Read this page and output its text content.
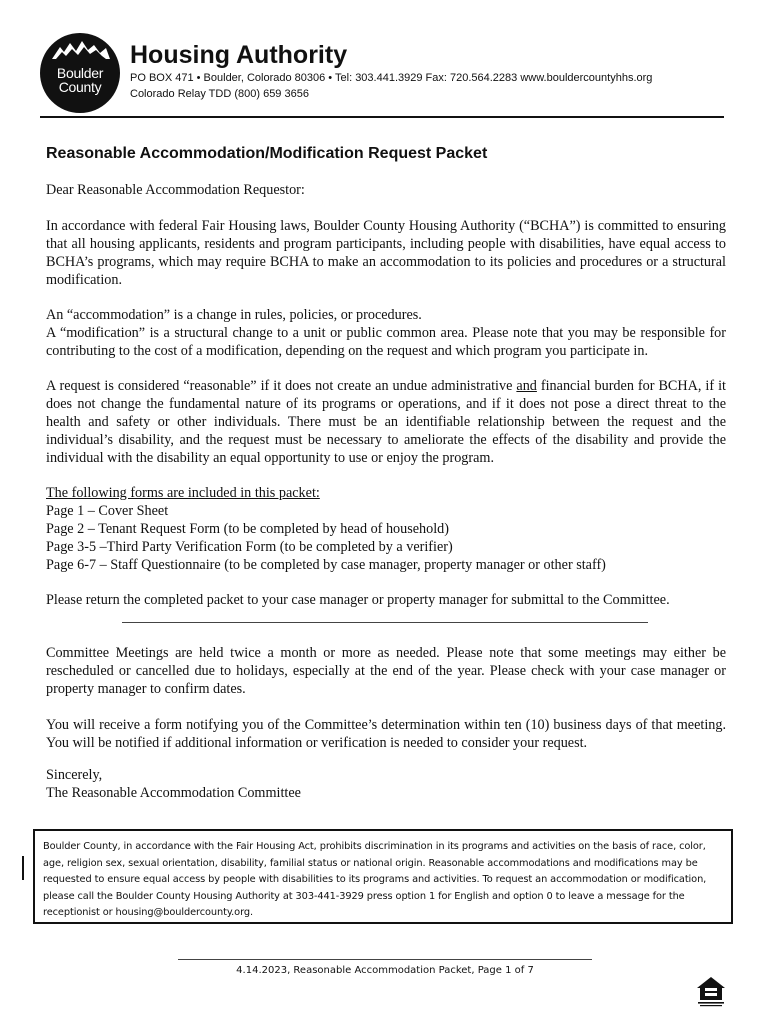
Boulder
County
Housing Authority
PO BOX 471 • Boulder, Colorado 80306 • Tel: 303.441.3929 Fax: 720.564.2283 www.bouldercountyhhs.org
Colorado Relay TDD (800) 659 3656
Reasonable Accommodation/Modification Request Packet

Dear Reasonable Accommodation Requestor:

In accordance with federal Fair Housing laws, Boulder County Housing Authority (“BCHA”) is committed to ensuring that all housing applicants, residents and program participants, including people with disabilities, have equal access to BCHA’s programs, which may require BCHA to make an accommodation to its policies and procedures or a structural modification.

An “accommodation” is a change in rules, policies, or procedures.

A “modification” is a structural change to a unit or public common area. Please note that you may be responsible for contributing to the cost of a modification, depending on the request and which program you participate in.

A request is considered “reasonable” if it does not create an undue administrative and financial burden for BCHA, if it does not change the fundamental nature of its programs or operations, and if it does not pose a direct threat to the health and safety or other individuals. There must be an identifiable relationship between the request and the individual’s disability, and the request must be necessary to ameliorate the effects of the disability and provide the individual with the disability an equal opportunity to use or enjoy the program.

The following forms are included in this packet:

Page 1 – Cover Sheet

Page 2 – Tenant Request Form (to be completed by head of household)

Page 3-5 –Third Party Verification Form (to be completed by a verifier)

Page 6-7 – Staff Questionnaire (to be completed by case manager, property manager or other staff)

Please return the completed packet to your case manager or property manager for submittal to the Committee.

Committee Meetings are held twice a month or more as needed. Please note that some meetings may either be rescheduled or cancelled due to holidays, especially at the end of the year. Please check with your case manager or property manager to confirm dates.

You will receive a form notifying you of the Committee’s determination within ten (10) business days of that meeting. You will be notified if additional information or verification is needed to consider your request.

Sincerely,

The Reasonable Accommodation Committee

Boulder County, in accordance with the Fair Housing Act, prohibits discrimination in its programs and activities on the basis of race, color, age, religion sex, sexual orientation, disability, familial status or national origin. Reasonable accommodations and modifications may be requested to ensure equal access by people with disabilities to its programs and activities. To request an accommodation or modification, please call the Boulder County Housing Authority at 303-441-3929 press option 1 for English and option 0 to leave a message for the receptionist or housing@bouldercounty.org.

4.14.2023, Reasonable Accommodation Packet, Page 1 of 7
